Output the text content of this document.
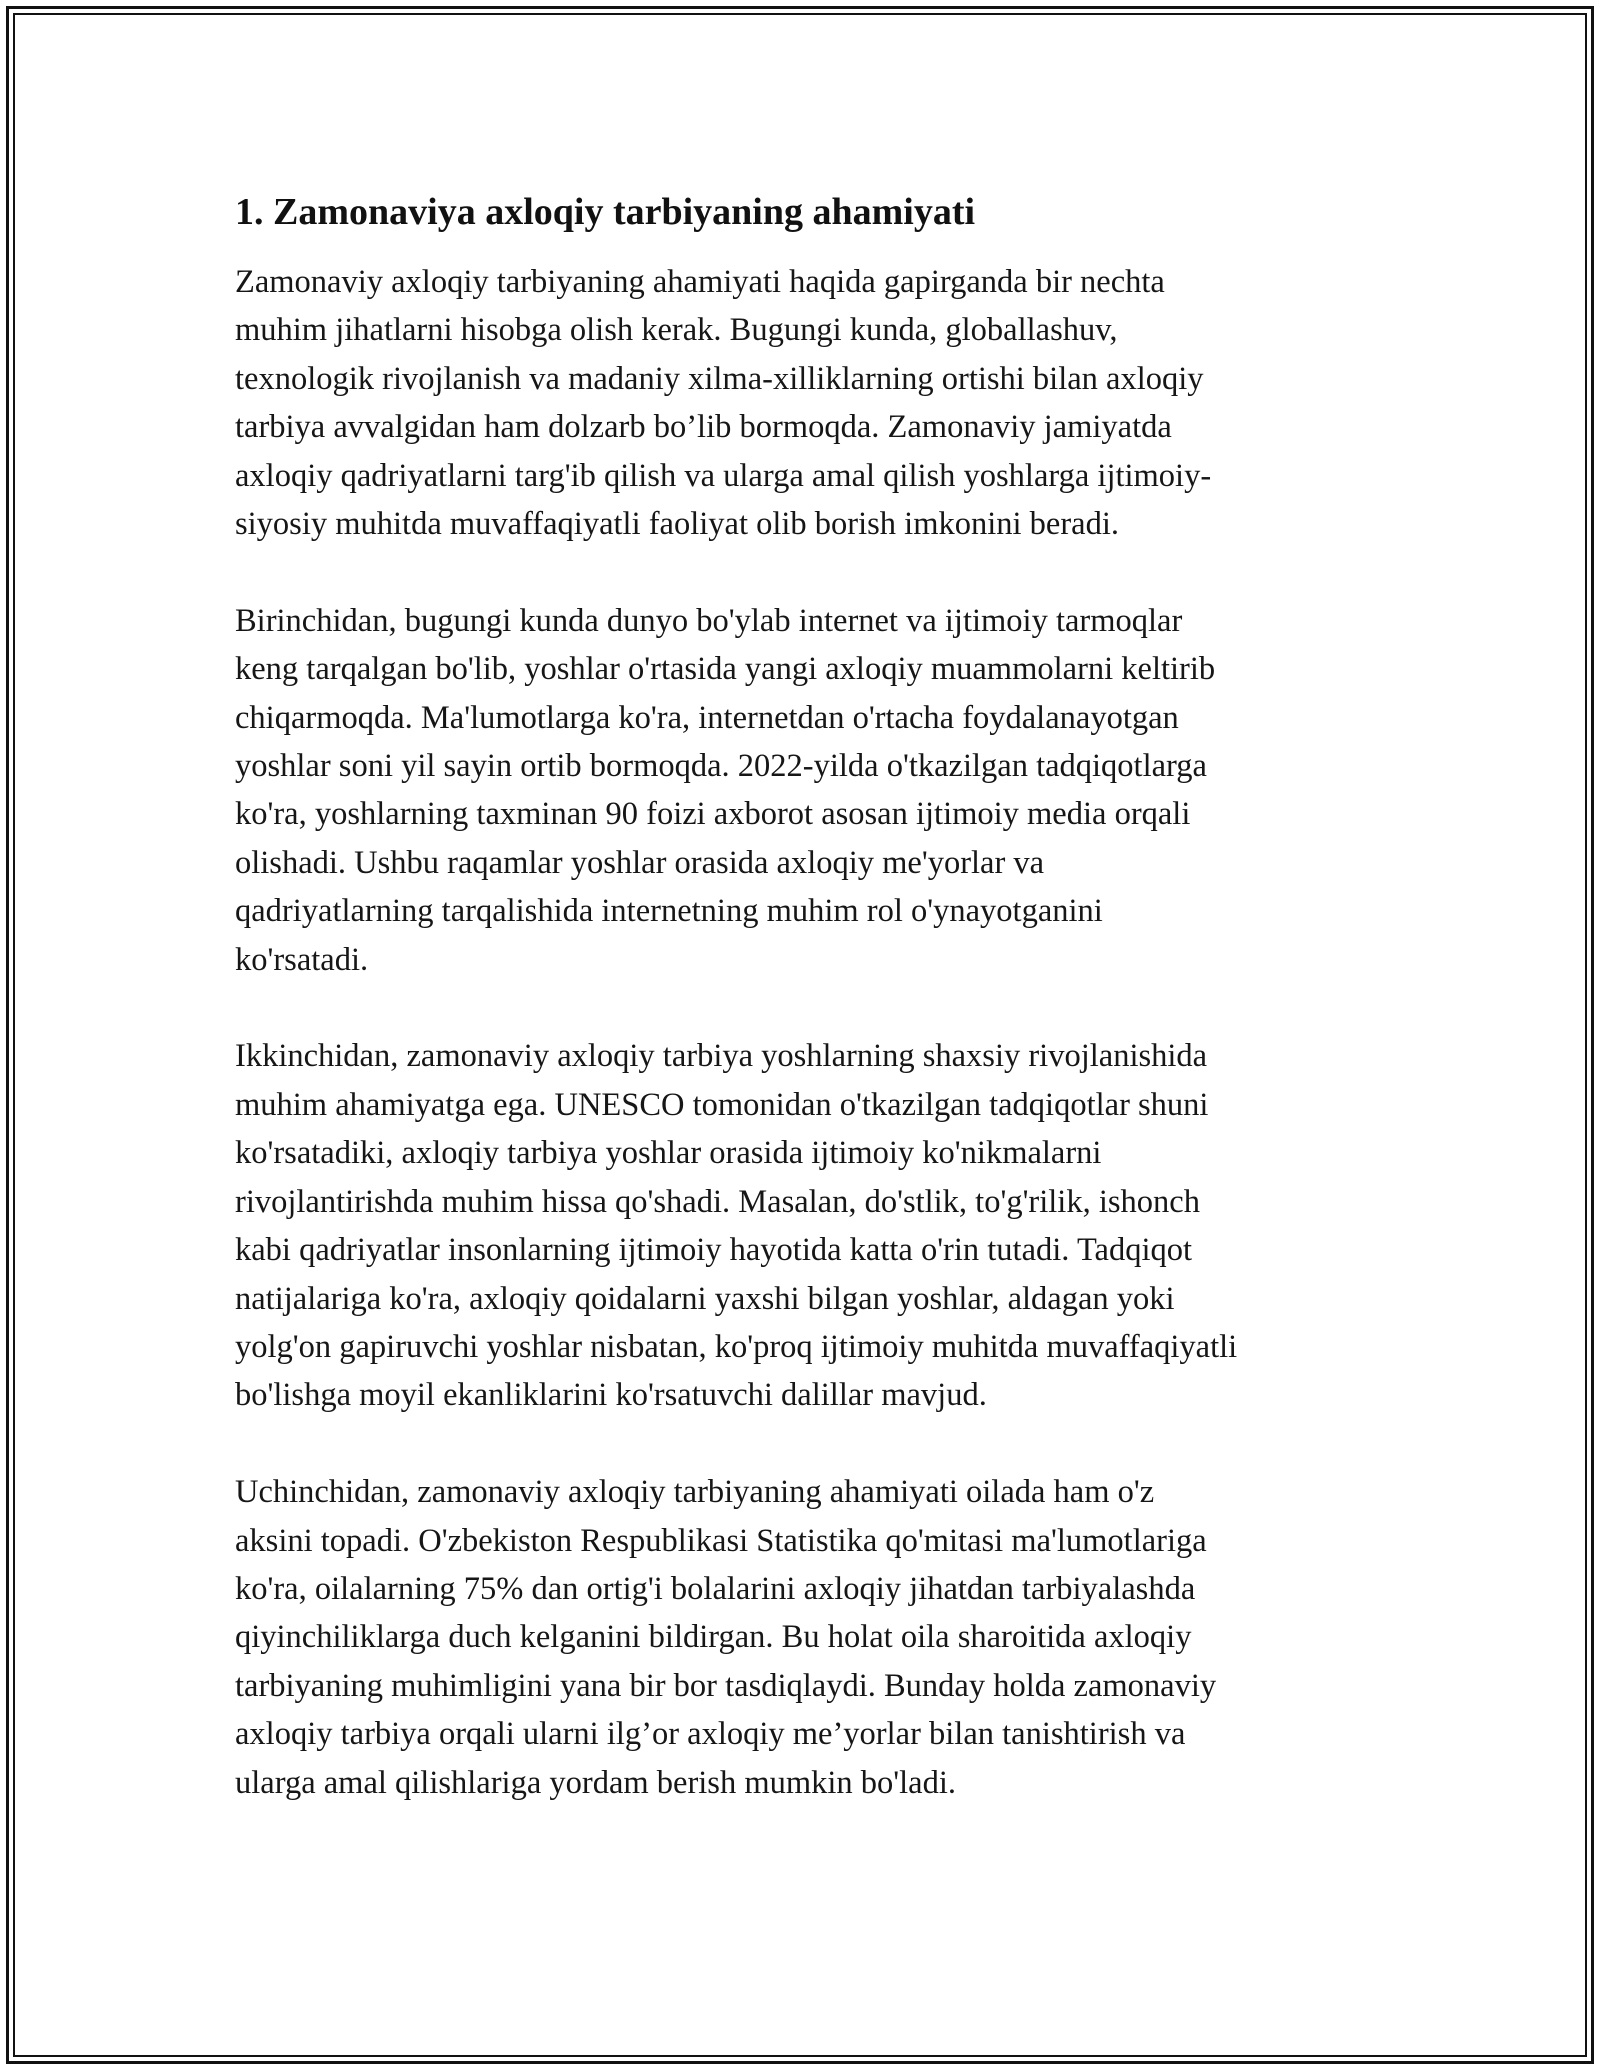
1. Zamonaviya axloqiy tarbiyaning ahamiyati

Zamonaviy axloqiy tarbiyaning ahamiyati haqida gapirganda bir nechta
muhim jihatlarni hisobga olish kerak. Bugungi kunda, globallashuv,
texnologik rivojlanish va madaniy xilma-xilliklarning ortishi bilan axloqiy
tarbiya avvalgidan ham dolzarb bo’lib bormoqda. Zamonaviy jamiyatda
axloqiy qadriyatlarni targ'ib qilish va ularga amal qilish yoshlarga ijtimoiy-
siyosiy muhitda muvaffaqiyatli faoliyat olib borish imkonini beradi.

Birinchidan, bugungi kunda dunyo bo'ylab internet va ijtimoiy tarmoqlar
keng tarqalgan bo'lib, yoshlar o'rtasida yangi axloqiy muammolarni keltirib
chiqarmoqda. Ma'lumotlarga ko'ra, internetdan o'rtacha foydalanayotgan
yoshlar soni yil sayin ortib bormoqda. 2022-yilda o'tkazilgan tadqiqotlarga
ko'ra, yoshlarning taxminan 90 foizi axborot asosan ijtimoiy media orqali
olishadi. Ushbu raqamlar yoshlar orasida axloqiy me'yorlar va
qadriyatlarning tarqalishida internetning muhim rol o'ynayotganini
ko'rsatadi.

Ikkinchidan, zamonaviy axloqiy tarbiya yoshlarning shaxsiy rivojlanishida
muhim ahamiyatga ega. UNESCO tomonidan o'tkazilgan tadqiqotlar shuni
ko'rsatadiki, axloqiy tarbiya yoshlar orasida ijtimoiy ko'nikmalarni
rivojlantirishda muhim hissa qo'shadi. Masalan, do'stlik, to'g'rilik, ishonch
kabi qadriyatlar insonlarning ijtimoiy hayotida katta o'rin tutadi. Tadqiqot
natijalariga ko'ra, axloqiy qoidalarni yaxshi bilgan yoshlar, aldagan yoki
yolg'on gapiruvchi yoshlar nisbatan, ko'proq ijtimoiy muhitda muvaffaqiyatli
bo'lishga moyil ekanliklarini ko'rsatuvchi dalillar mavjud.

Uchinchidan, zamonaviy axloqiy tarbiyaning ahamiyati oilada ham o'z
aksini topadi. O'zbekiston Respublikasi Statistika qo'mitasi ma'lumotlariga
ko'ra, oilalarning 75% dan ortig'i bolalarini axloqiy jihatdan tarbiyalashda
qiyinchiliklarga duch kelganini bildirgan. Bu holat oila sharoitida axloqiy
tarbiyaning muhimligini yana bir bor tasdiqlaydi. Bunday holda zamonaviy
axloqiy tarbiya orqali ularni ilg’or axloqiy me’yorlar bilan tanishtirish va
ularga amal qilishlariga yordam berish mumkin bo'ladi.
